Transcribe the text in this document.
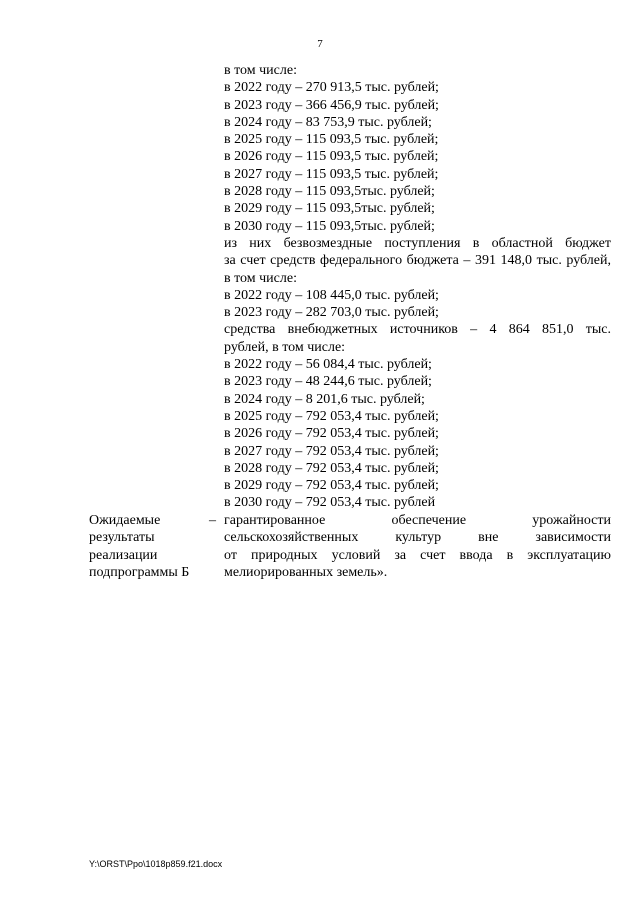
7
в том числе:
в 2022 году – 270 913,5 тыс. рублей;
в 2023 году – 366 456,9 тыс. рублей;
в 2024 году – 83 753,9 тыс. рублей;
в 2025 году – 115 093,5 тыс. рублей;
в 2026 году – 115 093,5 тыс. рублей;
в 2027 году – 115 093,5 тыс. рублей;
в 2028 году – 115 093,5тыс. рублей;
в 2029 году – 115 093,5тыс. рублей;
в 2030 году – 115 093,5тыс. рублей;
из них безвозмездные поступления в областной бюджет
за счет средств федерального бюджета – 391 148,0 тыс. рублей,
в том числе:
в 2022 году – 108 445,0 тыс. рублей;
в 2023 году – 282 703,0 тыс. рублей;
средства внебюджетных источников – 4 864 851,0 тыс.
рублей, в том числе:
в 2022 году – 56 084,4 тыс. рублей;
в 2023 году – 48 244,6 тыс. рублей;
в 2024 году – 8 201,6 тыс. рублей;
в 2025 году – 792 053,4 тыс. рублей;
в 2026 году – 792 053,4 тыс. рублей;
в 2027 году – 792 053,4 тыс. рублей;
в 2028 году – 792 053,4 тыс. рублей;
в 2029 году – 792 053,4 тыс. рублей;
в 2030 году – 792 053,4 тыс. рублей
Ожидаемые
результаты
реализации
подпрограммы Б
– гарантированное обеспечение урожайности
сельскохозяйственных культур вне зависимости
от природных условий за счет ввода в эксплуатацию
мелиорированных земель».
Y:\ORST\Ppo\1018p859.f21.docx
